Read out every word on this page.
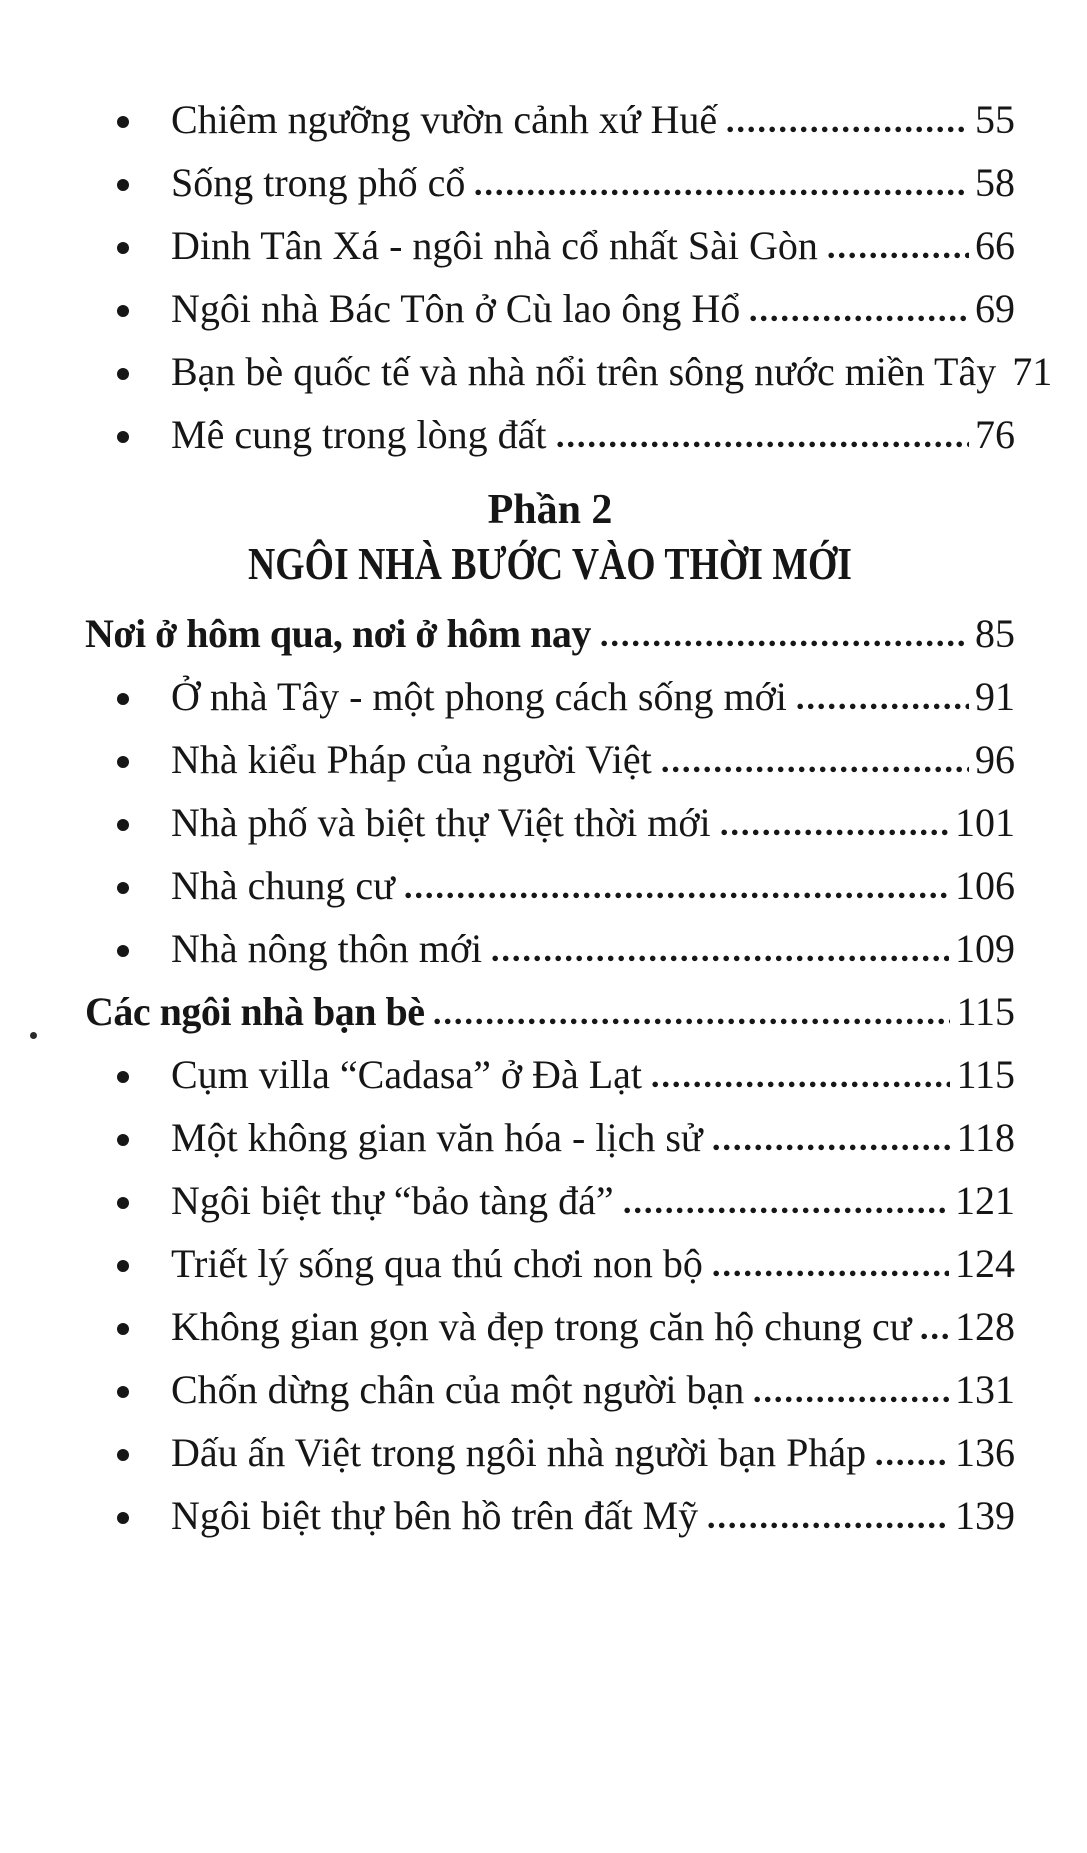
Chiêm ngưỡng vườn cảnh xứ Huế	55
Sống trong phố cổ	58
Dinh Tân Xá - ngôi nhà cổ nhất Sài Gòn	66
Ngôi nhà Bác Tôn ở Cù lao ông Hổ	69
Bạn bè quốc tế và nhà nổi trên sông nước miền Tây 71
Mê cung trong lòng đất	76

Phần 2

NGÔI NHÀ BƯỚC VÀO THỜI MỚI
Nơi ở hôm qua, nơi ở hôm nay	85
Ở nhà Tây - một phong cách sống mới	91
Nhà kiểu Pháp của người Việt	96
Nhà phố và biệt thự Việt thời mới	101
Nhà chung cư	106
Nhà nông thôn mới	109
Các ngôi nhà bạn bè	115
Cụm villa “Cadasa” ở Đà Lạt	115
Một không gian văn hóa - lịch sử	118
Ngôi biệt thự “bảo tàng đá”	121
Triết lý sống qua thú chơi non bộ	124
Không gian gọn và đẹp trong căn hộ chung cư 128
Chốn dừng chân của một người bạn	131
Dấu ấn Việt trong ngôi nhà người bạn Pháp 136
Ngôi biệt thự bên hồ trên đất Mỹ	139
